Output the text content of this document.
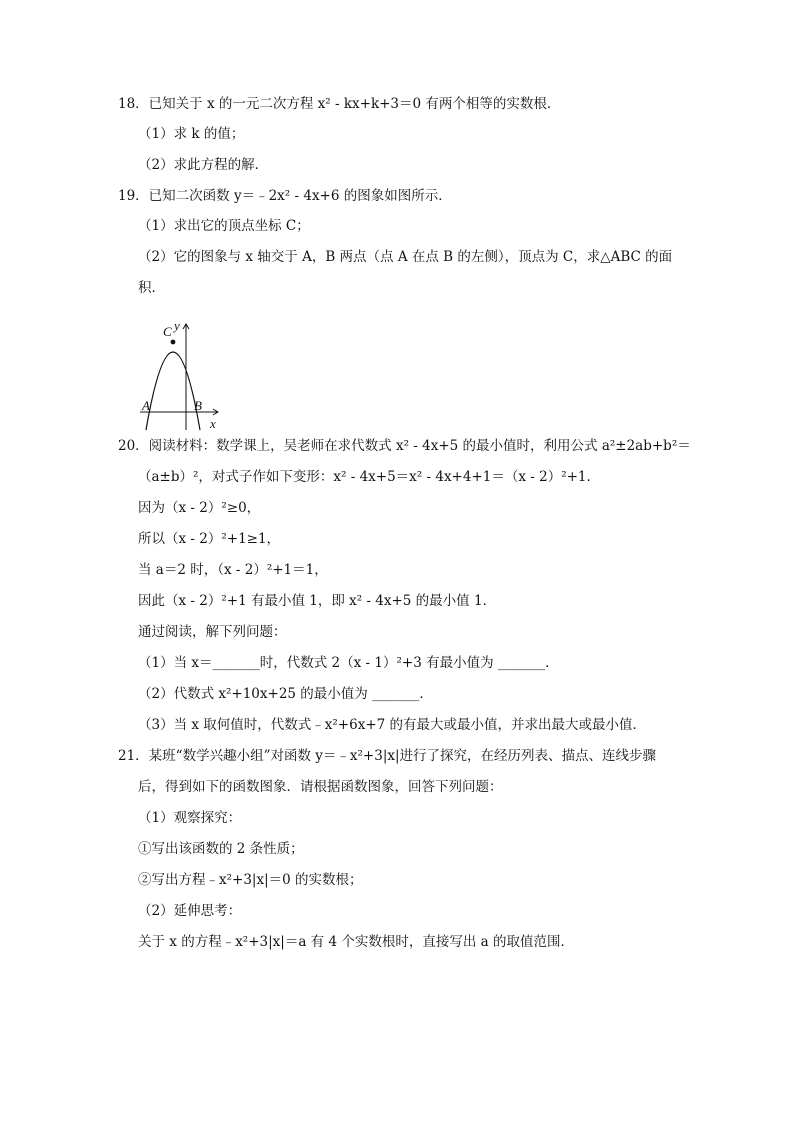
18．已知关于 x 的一元二次方程 x² - kx+k+3＝0 有两个相等的实数根．
（1）求 k 的值；
（2）求此方程的解．
19．已知二次函数 y＝﹣2x² - 4x+6 的图象如图所示．
（1）求出它的顶点坐标 C；
（2）它的图象与 x 轴交于 A，B 两点（点 A 在点 B 的左侧），顶点为 C，求△ABC 的面
积．
20．阅读材料：数学课上，吴老师在求代数式 x² - 4x+5 的最小值时，利用公式 a²±2ab+b²＝
（a±b）²，对式子作如下变形：x² - 4x+5＝x² - 4x+4+1＝（x - 2）²+1．
因为（x - 2）²≥0，
所以（x - 2）²+1≥1，
当 a＝2 时，（x - 2）²+1＝1，
因此（x - 2）²+1 有最小值 1，即 x² - 4x+5 的最小值 1．
通过阅读，解下列问题：
（1）当 x＝_______时，代数式 2（x - 1）²+3 有最小值为 _______．
（2）代数式 x²+10x+25 的最小值为 _______．
（3）当 x 取何值时，代数式﹣x²+6x+7 的有最大或最小值，并求出最大或最小值．
21．某班“数学兴趣小组”对函数 y＝﹣x²+3|x|进行了探究，在经历列表、描点、连线步骤
后，得到如下的函数图象．请根据函数图象，回答下列问题：
（1）观察探究：
①写出该函数的 2 条性质；
②写出方程﹣x²+3|x|＝0 的实数根；
（2）延伸思考：
关于 x 的方程﹣x²+3|x|＝a 有 4 个实数根时，直接写出 a 的取值范围．
C y
A	B
x
